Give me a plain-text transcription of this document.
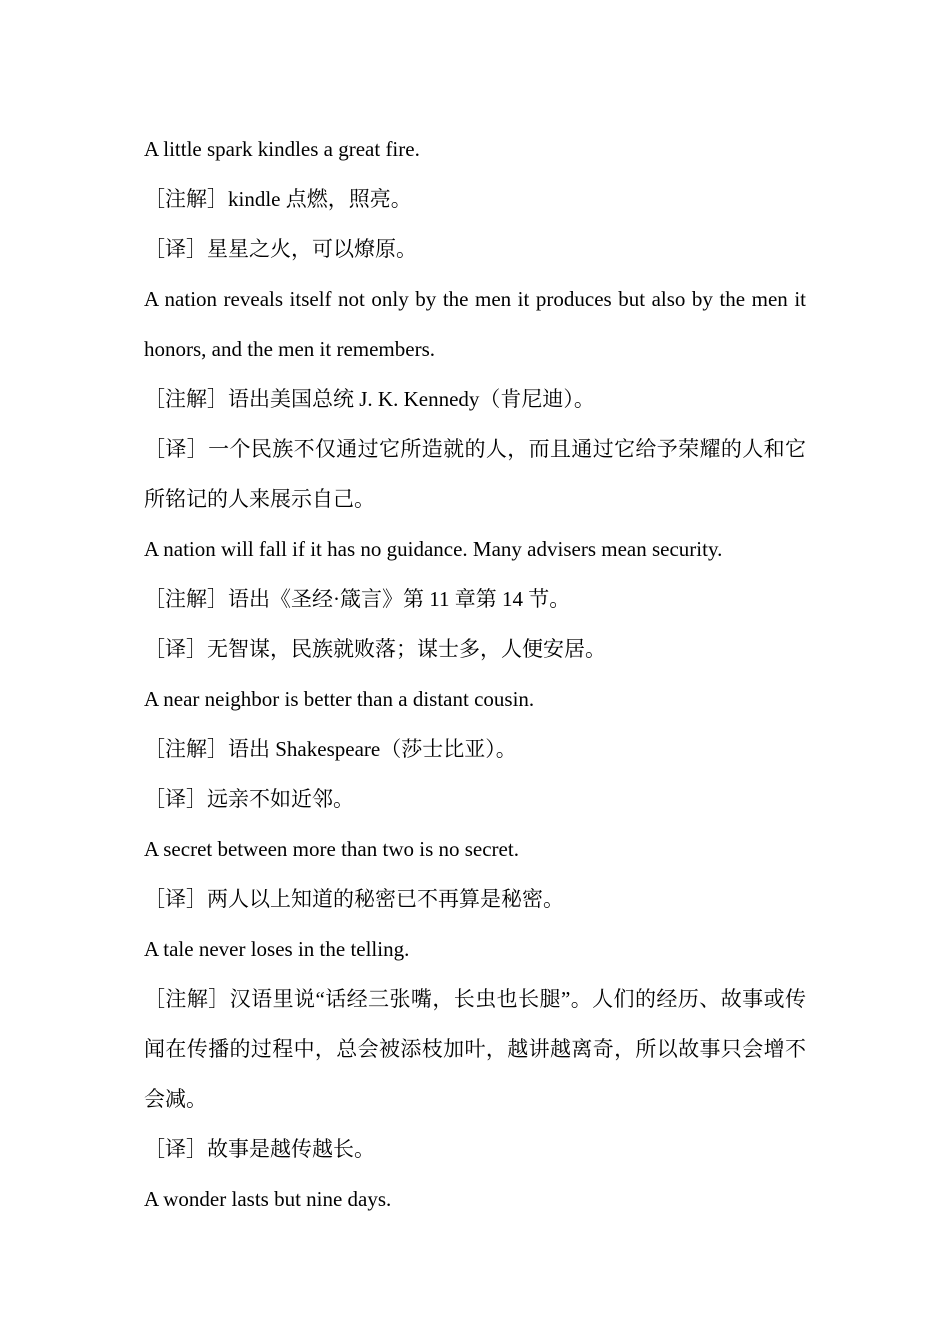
A little spark kindles a great fire.

［注解］kindle 点燃，照亮。

［译］星星之火，可以燎原。

A nation reveals itself not only by the men it produces but also by the men it honors, and the men it remembers.

［注解］语出美国总统 J. K. Kennedy（肯尼迪）。

［译］一个民族不仅通过它所造就的人，而且通过它给予荣耀的人和它所铭记的人来展示自己。

A nation will fall if it has no guidance. Many advisers mean security.

［注解］语出《圣经·箴言》第 11 章第 14 节。

［译］无智谋，民族就败落；谋士多，人便安居。

A near neighbor is better than a distant cousin.

［注解］语出 Shakespeare（莎士比亚）。

［译］远亲不如近邻。

A secret between more than two is no secret.

［译］两人以上知道的秘密已不再算是秘密。

A tale never loses in the telling.

［注解］汉语里说“话经三张嘴，长虫也长腿”。人们的经历、故事或传闻在传播的过程中，总会被添枝加叶，越讲越离奇，所以故事只会增不会减。

［译］故事是越传越长。

A wonder lasts but nine days.
